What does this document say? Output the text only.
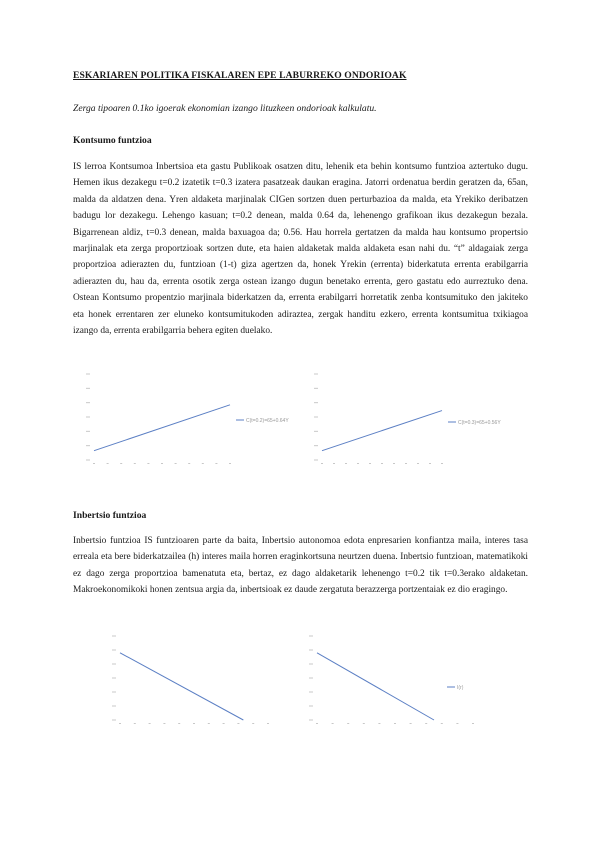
ESKARIAREN POLITIKA FISKALAREN EPE LABURREKO ONDORIOAK
Zerga tipoaren 0.1ko igoerak ekonomian izango lituzkeen ondorioak kalkulatu.
Kontsumo funtzioa
IS lerroa Kontsumoa Inbertsioa eta gastu Publikoak osatzen ditu, lehenik eta behin kontsumo funtzioa aztertuko dugu. Hemen ikus dezakegu t=0.2 izatetik t=0.3 izatera pasatzeak daukan eragina. Jatorri ordenatua berdin geratzen da, 65an, malda da aldatzen dena. Yren aldaketa marjinalak CIGen sortzen duen perturbazioa da malda, eta Yrekiko deribatzen badugu lor dezakegu. Lehengo kasuan; t=0.2 denean, malda 0.64 da, lehenengo grafikoan ikus dezakegun bezala. Bigarrenean aldiz, t=0.3 denean, malda baxuagoa da; 0.56. Hau horrela gertatzen da malda hau kontsumo propertsio marjinalak eta zerga proportzioak sortzen dute, eta haien aldaketak malda aldaketa esan nahi du. “t” aldagaiak zerga proportzioa adierazten du, funtzioan (1-t) giza agertzen da, honek Yrekin (errenta) biderkatuta errenta erabilgarria adierazten du, hau da, errenta osotik zerga ostean izango dugun benetako errenta, gero gastatu edo aurreztuko dena. Ostean Kontsumo propentzio marjinala biderkatzen da, errenta erabilgarri horretatik zenba kontsumituko den jakiteko eta honek errentaren zer eluneko kontsumitukoden adiraztea, zergak handitu ezkero, errenta kontsumitua txikiagoa izango da, errenta erabilgarria behera egiten duelako.
C(t=0.2)=65+0.64Y	C(t=0.3)=65+0.56Y
Inbertsio funtzioa
Inbertsio funtzioa IS funtzioaren parte da baita, Inbertsio autonomoa edota enpresarien konfiantza maila, interes tasa erreala eta bere biderkatzailea (h) interes maila horren eraginkortsuna neurtzen duena. Inbertsio funtzioan, matematikoki ez dago zerga proportzioa bamenatuta eta, bertaz, ez dago aldaketarik lehenengo t=0.2 tik t=0.3erako aldaketan. Makroekonomikoki honen zentsua argia da, inbertsioak ez daude zergatuta berazzerga portzentaiak ez dio eragingo.
I(r)
